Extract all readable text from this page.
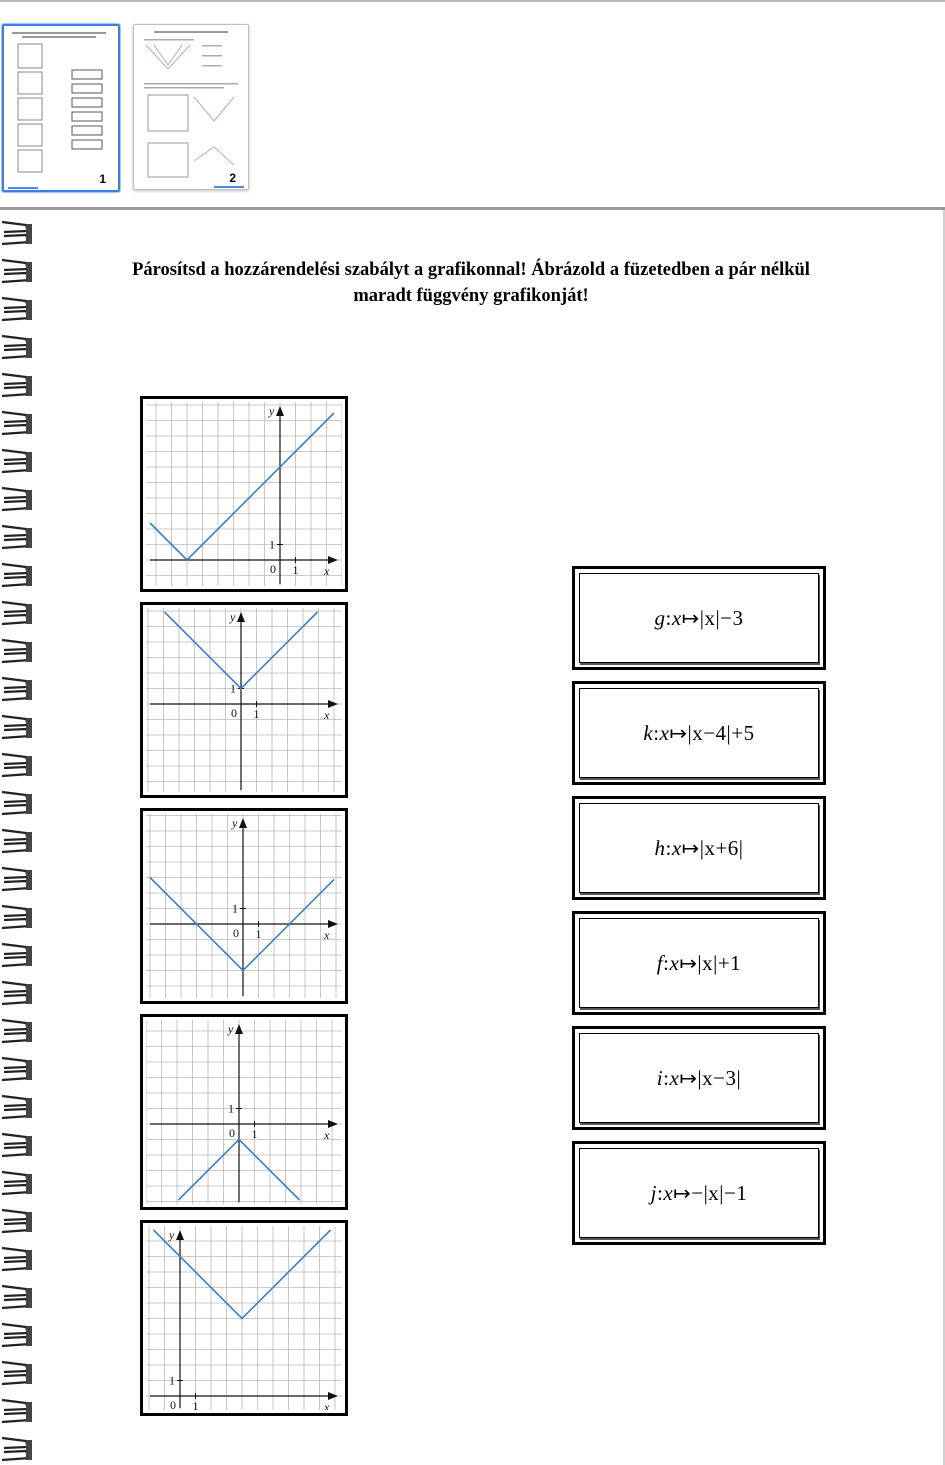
1	2
Párosítsd a hozzárendelési szabályt a grafikonnal! Ábrázold a füzetedben a pár nélkül
maradt függvény grafikonját!
y
x
0 1
1
y
x
0 1
1
y
x
0 1
1
y
x
0 1
1
y
x
0 1
1
g:x↦|x|−3
k:x↦|x−4|+5
h:x↦|x+6|
f:x↦|x|+1
i:x↦|x−3|
j:x↦−|x|−1
